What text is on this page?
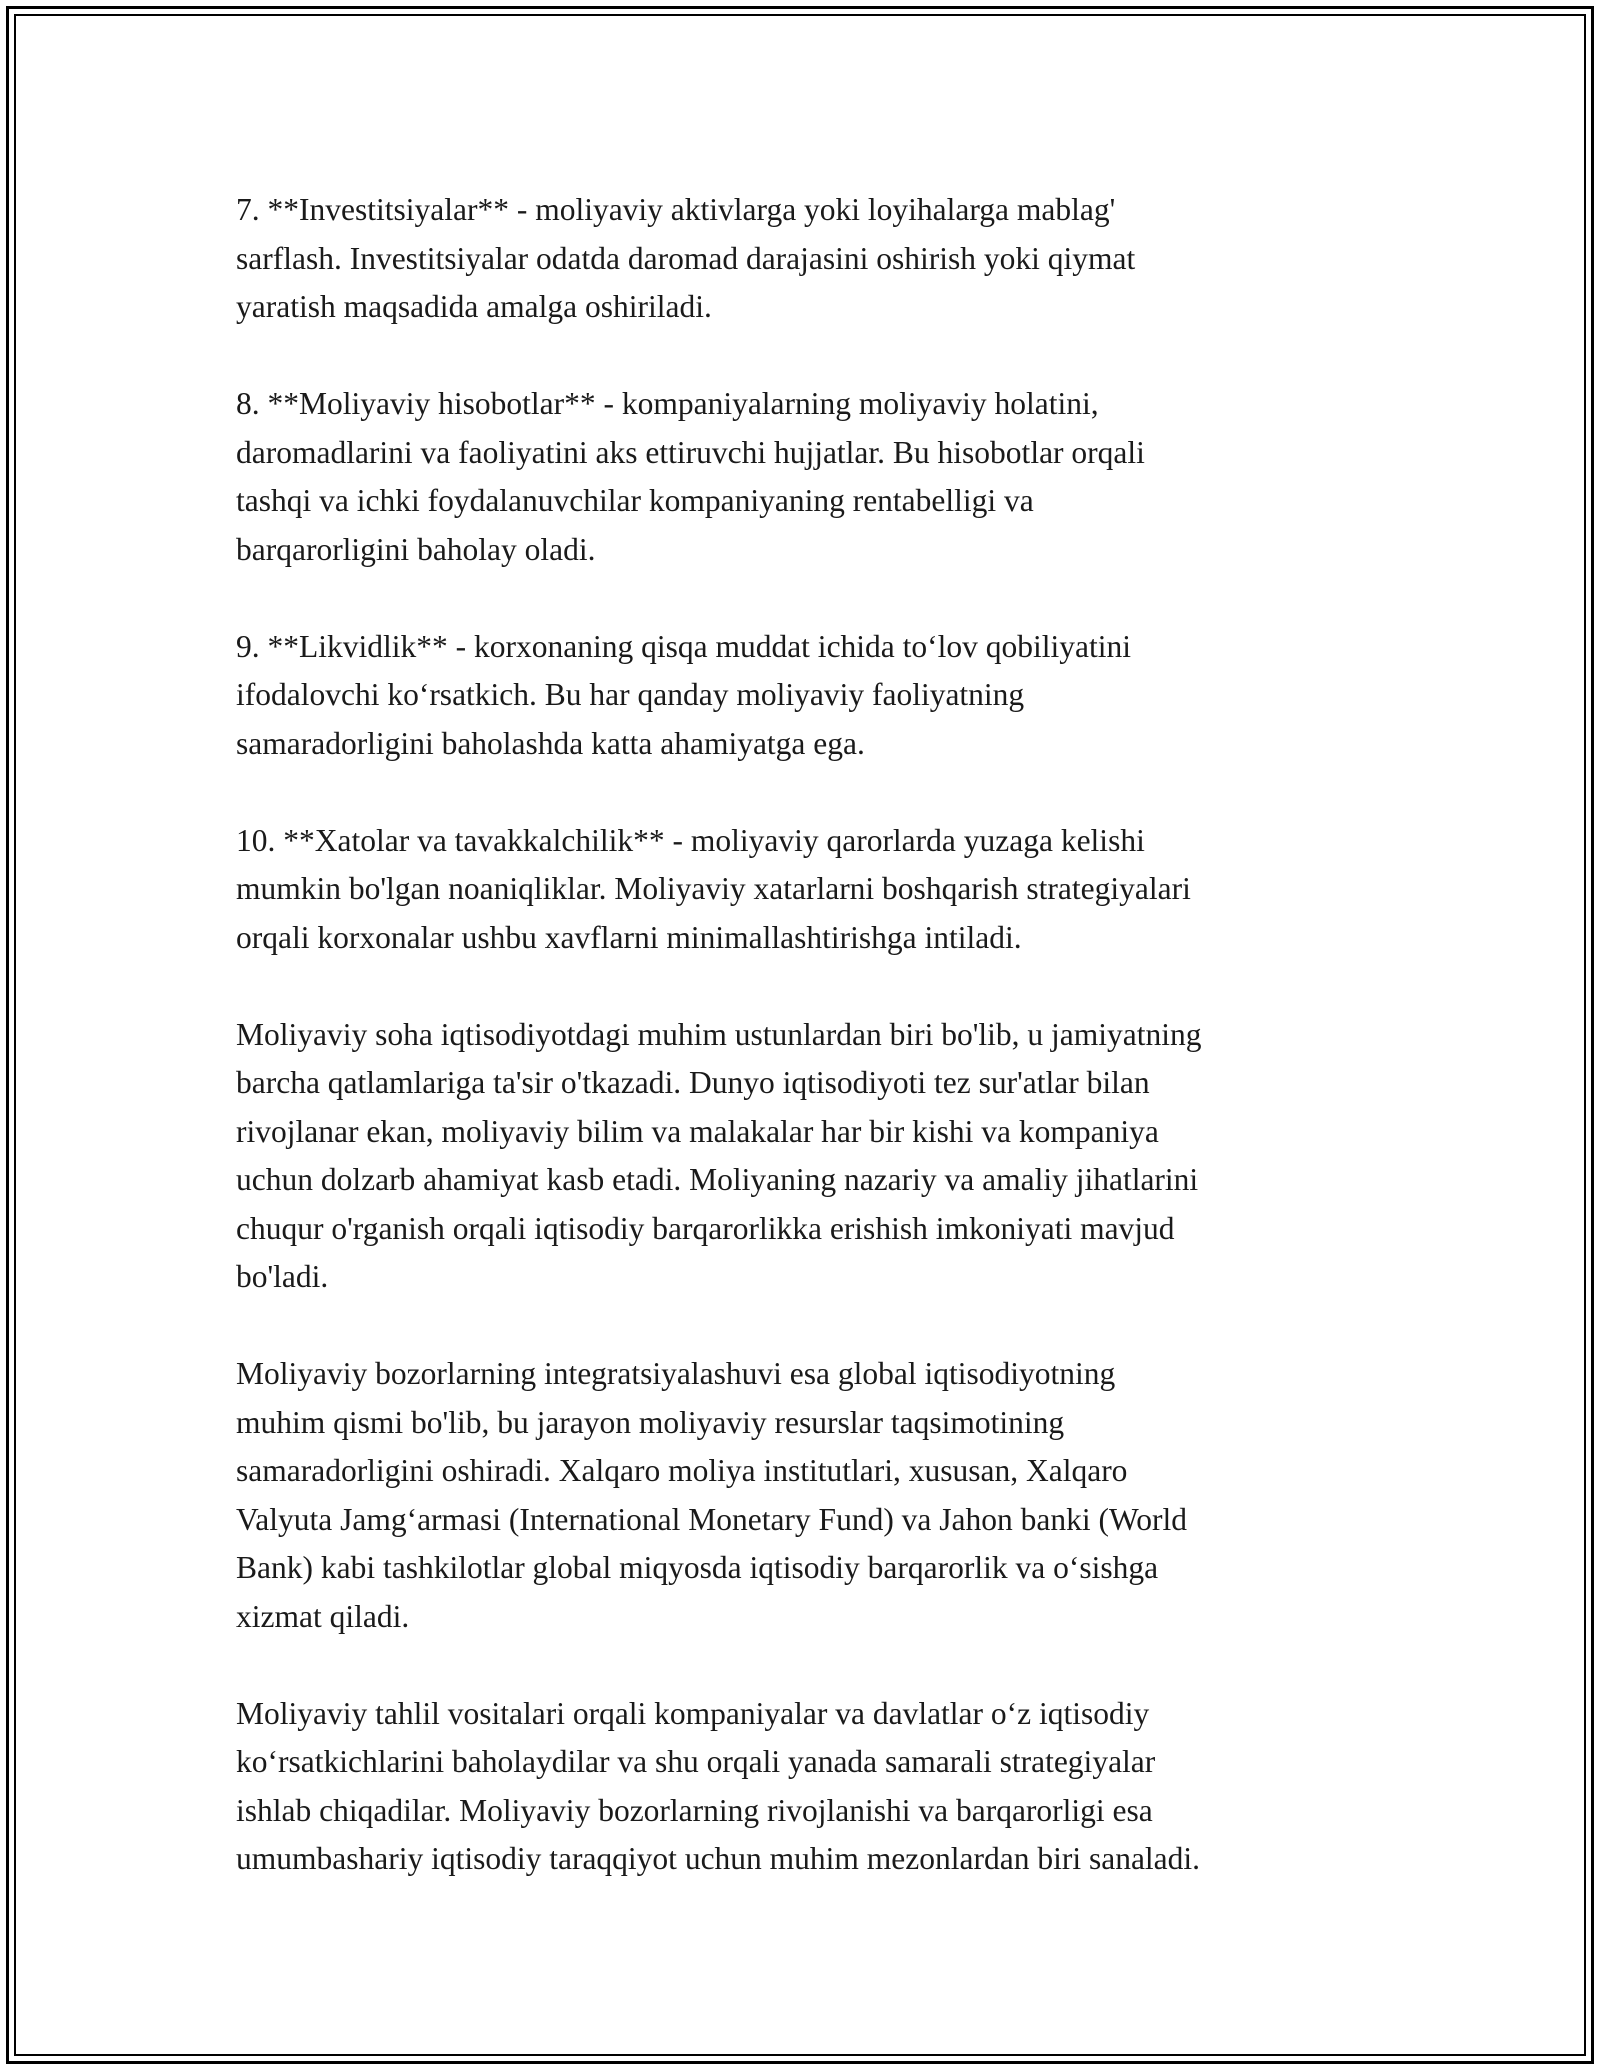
7. **Investitsiyalar** - moliyaviy aktivlarga yoki loyihalarga mablag'
sarflash. Investitsiyalar odatda daromad darajasini oshirish yoki qiymat
yaratish maqsadida amalga oshiriladi.

8. **Moliyaviy hisobotlar** - kompaniyalarning moliyaviy holatini,
daromadlarini va faoliyatini aks ettiruvchi hujjatlar. Bu hisobotlar orqali
tashqi va ichki foydalanuvchilar kompaniyaning rentabelligi va
barqarorligini baholay oladi.

9. **Likvidlik** - korxonaning qisqa muddat ichida to‘lov qobiliyatini
ifodalovchi ko‘rsatkich. Bu har qanday moliyaviy faoliyatning
samaradorligini baholashda katta ahamiyatga ega.

10. **Xatolar va tavakkalchilik** - moliyaviy qarorlarda yuzaga kelishi
mumkin bo'lgan noaniqliklar. Moliyaviy xatarlarni boshqarish strategiyalari
orqali korxonalar ushbu xavflarni minimallashtirishga intiladi.

Moliyaviy soha iqtisodiyotdagi muhim ustunlardan biri bo'lib, u jamiyatning
barcha qatlamlariga ta'sir o'tkazadi. Dunyo iqtisodiyoti tez sur'atlar bilan
rivojlanar ekan, moliyaviy bilim va malakalar har bir kishi va kompaniya
uchun dolzarb ahamiyat kasb etadi. Moliyaning nazariy va amaliy jihatlarini
chuqur o'rganish orqali iqtisodiy barqarorlikka erishish imkoniyati mavjud
bo'ladi.

Moliyaviy bozorlarning integratsiyalashuvi esa global iqtisodiyotning
muhim qismi bo'lib, bu jarayon moliyaviy resurslar taqsimotining
samaradorligini oshiradi. Xalqaro moliya institutlari, xususan, Xalqaro
Valyuta Jamg‘armasi (International Monetary Fund) va Jahon banki (World
Bank) kabi tashkilotlar global miqyosda iqtisodiy barqarorlik va o‘sishga
xizmat qiladi.

Moliyaviy tahlil vositalari orqali kompaniyalar va davlatlar o‘z iqtisodiy
ko‘rsatkichlarini baholaydilar va shu orqali yanada samarali strategiyalar
ishlab chiqadilar. Moliyaviy bozorlarning rivojlanishi va barqarorligi esa
umumbashariy iqtisodiy taraqqiyot uchun muhim mezonlardan biri sanaladi.
